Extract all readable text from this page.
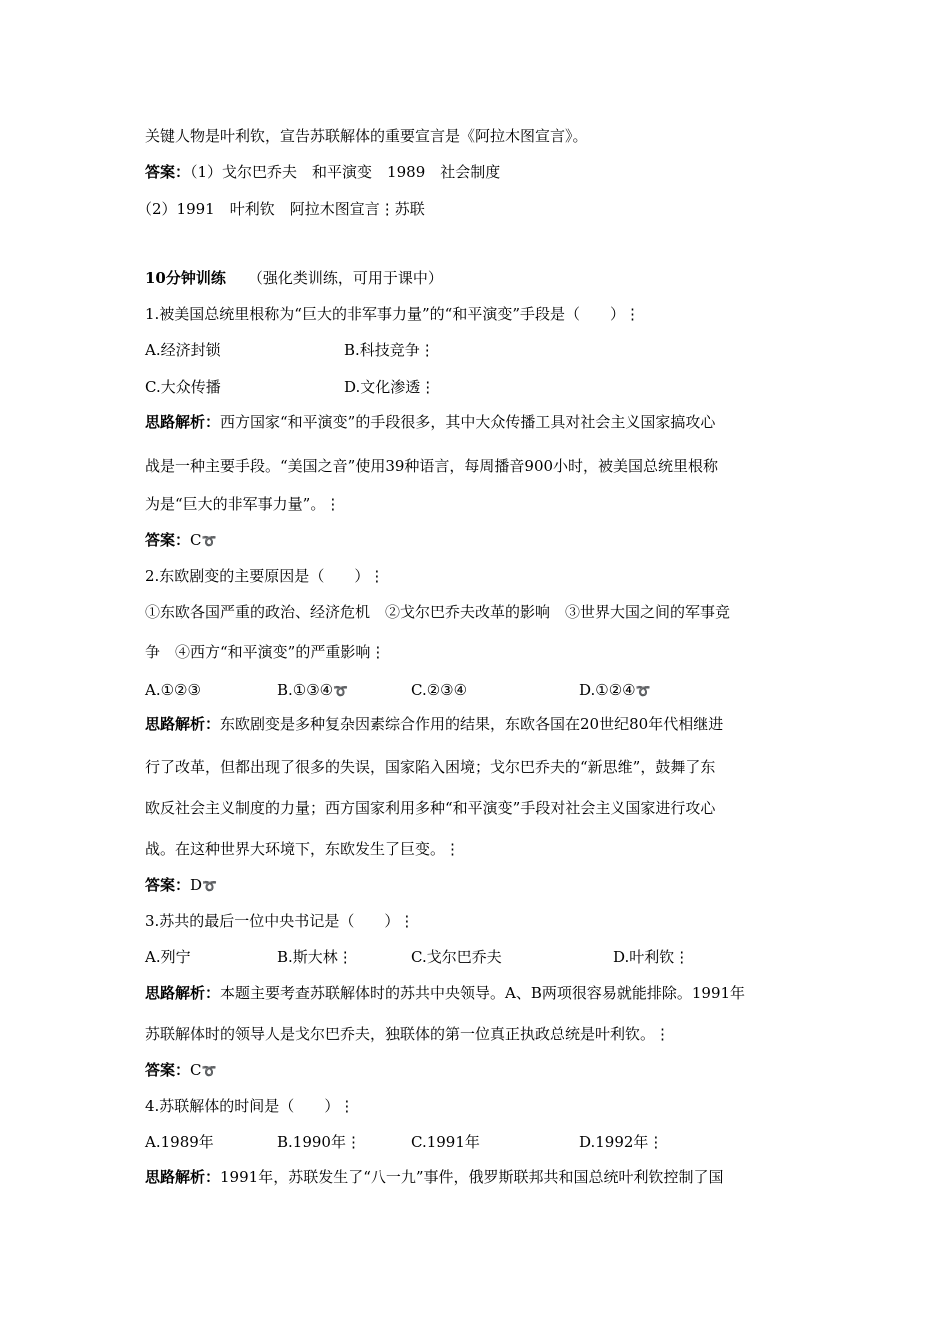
关键人物是叶利钦，宣告苏联解体的重要宣言是《阿拉木图宣言》。
答案：（1）戈尔巴乔夫　和平演变　1989　社会制度
（2）1991　叶利钦　阿拉木图宣言⋮苏联
10分钟训练 （强化类训练，可用于课中）
1.被美国总统里根称为“巨大的非军事力量”的“和平演变”手段是（　　）⋮
A.经济封锁	B.科技竞争⋮
C.大众传播	D.文化渗透⋮
思路解析：西方国家“和平演变”的手段很多，其中大众传播工具对社会主义国家搞攻心
战是一种主要手段。“美国之音”使用39种语言，每周播音900小时，被美国总统里根称
为是“巨大的非军事力量”。⋮
答案：C➰
2.东欧剧变的主要原因是（　　）⋮
①东欧各国严重的政治、经济危机　②戈尔巴乔夫改革的影响　③世界大国之间的军事竞
争　④西方“和平演变”的严重影响⋮
A.①②③	B.①③④➰	C.②③④	D.①②④➰
思路解析：东欧剧变是多种复杂因素综合作用的结果，东欧各国在20世纪80年代相继进
行了改革，但都出现了很多的失误，国家陷入困境；戈尔巴乔夫的“新思维”，鼓舞了东
欧反社会主义制度的力量；西方国家利用多种“和平演变”手段对社会主义国家进行攻心
战。在这种世界大环境下，东欧发生了巨变。⋮
答案：D➰
3.苏共的最后一位中央书记是（　　）⋮
A.列宁	B.斯大林⋮	C.戈尔巴乔夫	D.叶利钦⋮
思路解析：本题主要考查苏联解体时的苏共中央领导。A、B两项很容易就能排除。1991年
苏联解体时的领导人是戈尔巴乔夫，独联体的第一位真正执政总统是叶利钦。⋮
答案：C➰
4.苏联解体的时间是（　　）⋮
A.1989年	B.1990年⋮	C.1991年	D.1992年⋮
思路解析：1991年，苏联发生了“八一九”事件，俄罗斯联邦共和国总统叶利钦控制了国
